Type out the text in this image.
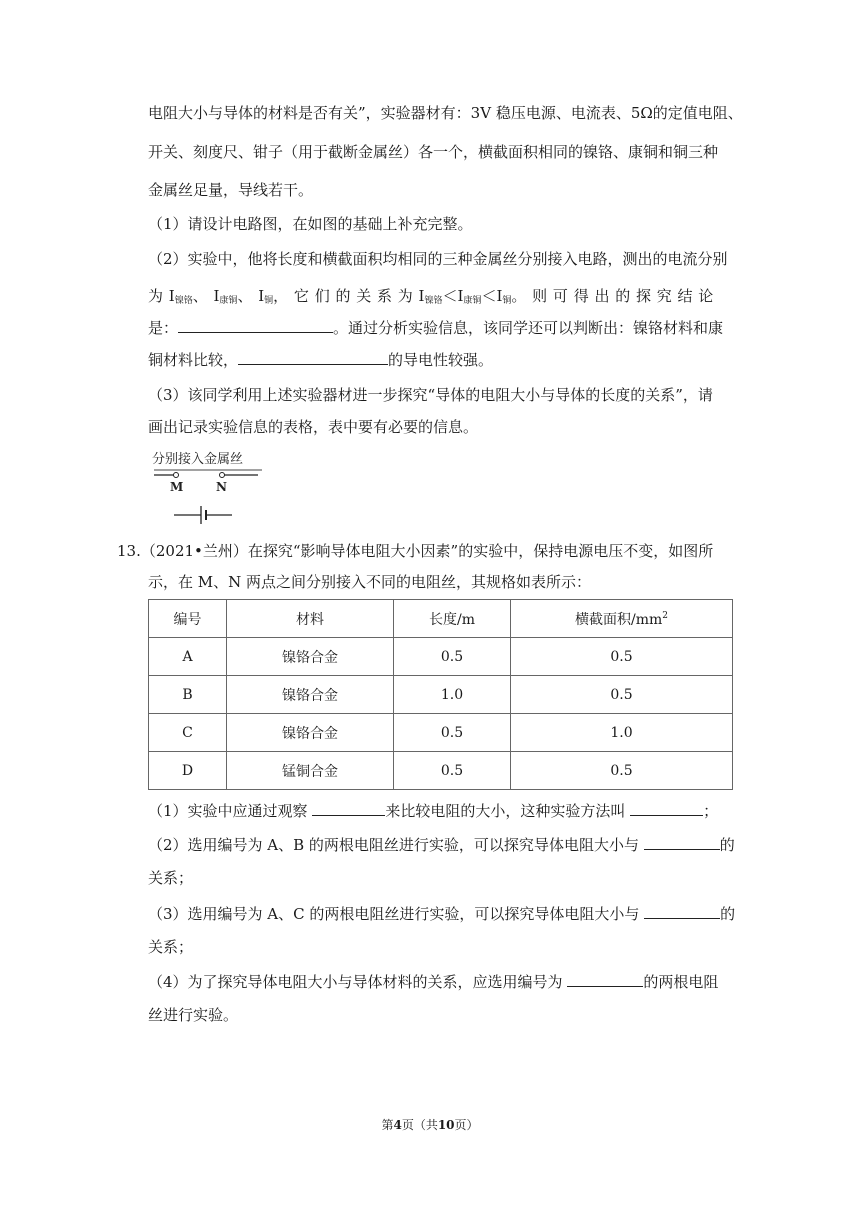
电阻大小与导体的材料是否有关”，实验器材有：3V 稳压电源、电流表、5Ω的定值电阻、
开关、刻度尺、钳子（用于截断金属丝）各一个，横截面积相同的镍铬、康铜和铜三种
金属丝足量，导线若干。
（1）请设计电路图，在如图的基础上补充完整。
（2）实验中，他将长度和横截面积均相同的三种金属丝分别接入电路，测出的电流分别
为 $I_{镍铬}$、 $I_{康铜}$、 $I_铜$， 它 们 的 关 系 为 $I_{镍铬}<I_{康铜}<I_铜$。 则 可 得 出 的 探 究 结 论
是：	。通过分析实验信息，该同学还可以判断出：镍铬材料和康
铜材料比较，	的导电性较强。
（3）该同学利用上述实验器材进一步探究“导体的电阻大小与导体的长度的关系”，请
画出记录实验信息的表格，表中要有必要的信息。
分别接入金属丝
M	N
13.（2021•兰州）在探究“影响导体电阻大小因素”的实验中，保持电源电压不变，如图所
示，在 M、N 两点之间分别接入不同的电阻丝，其规格如表所示：
编号	材料	长度/m	横截面积$/mm^2$
A	镍铬合金	0.5	0.5
B	镍铬合金	1.0	0.5
C	镍铬合金	0.5	1.0
D	锰铜合金	0.5	0.5
（1）实验中应通过观察	来比较电阻的大小，这种实验方法叫	；
（2）选用编号为 A、B 的两根电阻丝进行实验，可以探究导体电阻大小与	的
关系；
（3）选用编号为 A、C 的两根电阻丝进行实验，可以探究导体电阻大小与	的
关系；
（4）为了探究导体电阻大小与导体材料的关系，应选用编号为	的两根电阻
丝进行实验。
第4页（共10页）
